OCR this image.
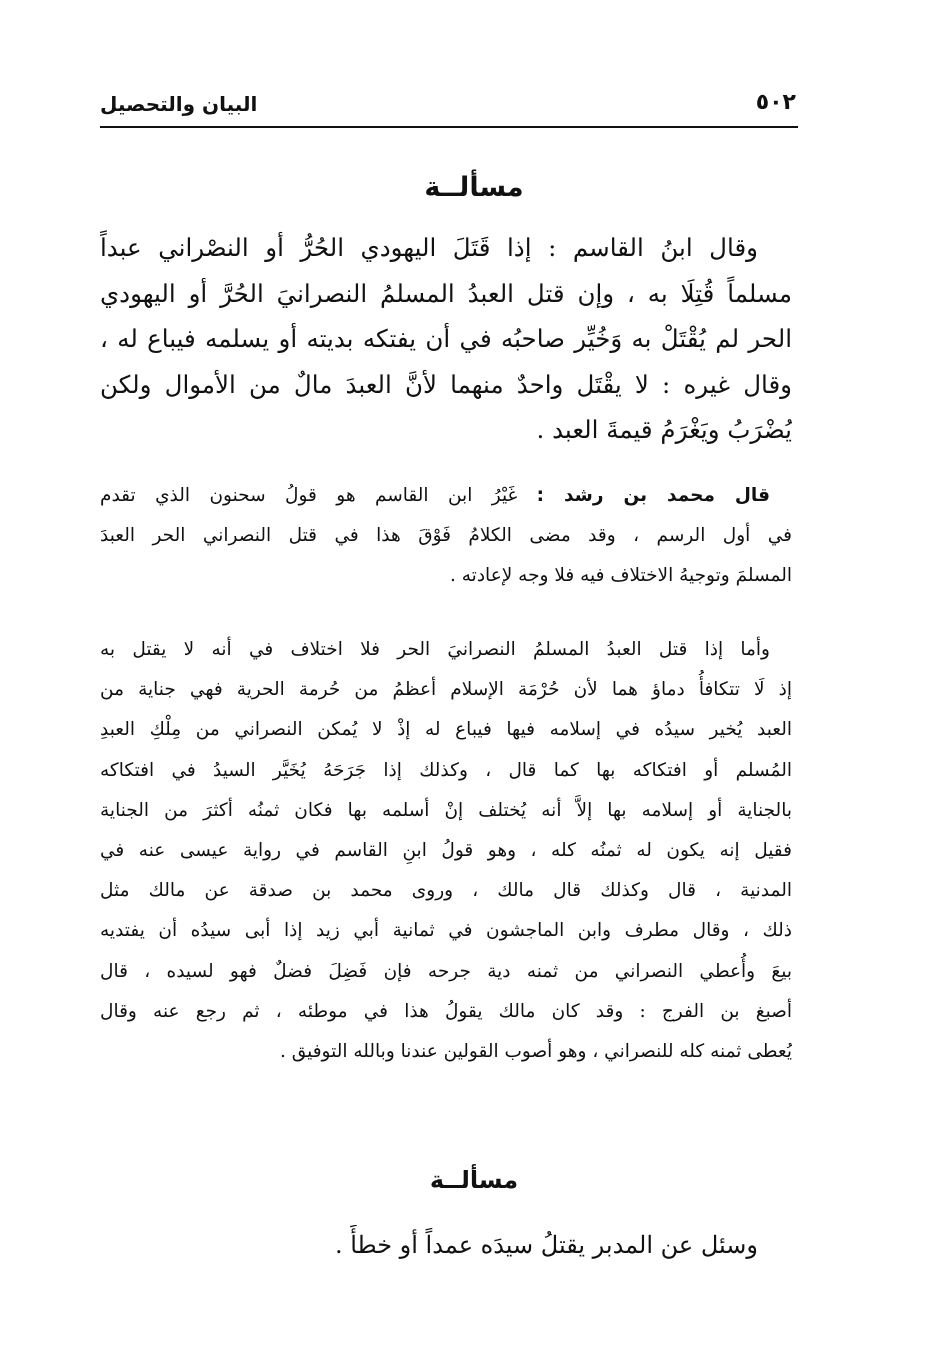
البيان والتحصيل	٥٠٢
مسألــة
وقال ابنُ القاسم : إذا قَتَلَ اليهودي الحُرُّ أو النصْراني عبداً
مسلماً قُتِلَا به ، وإن قتل العبدُ المسلمُ النصرانيَ الحُرَّ أو اليهودي
الحر لم يُقْتَلْ به وَخُيِّر صاحبُه في أن يفتكه بديته أو يسلمه فيباع له ،
وقال غيره : لا يقْتَل واحدٌ منهما لأنَّ العبدَ مالٌ من الأموال ولكن
يُضْرَبُ ويَغْرَمُ قيمةَ العبد .
قال محمد بن رشد : غَيْرُ ابن القاسم هو قولُ سحنون الذي تقدم
في أول الرسم ، وقد مضى الكلامُ فَوْقَ هذا في قتل النصراني الحر العبدَ
المسلمَ وتوجيهُ الاختلاف فيه فلا وجه لإعادته .
وأما إذا قتل العبدُ المسلمُ النصرانيَ الحر فلا اختلاف في أنه لا يقتل به
إذ لَا تتكافأُ دماؤ هما لأن حُرْمَة الإسلام أعظمُ من حُرمة الحرية فهي جناية من
العبد يُخير سيدُه في إسلامه فيها فيباع له إذْ لا يُمكن النصراني من مِلْكِ العبدِ
المُسلم أو افتكاكه بها كما قال ، وكذلك إذا جَرَحَهُ يُخَيَّر السيدُ في افتكاكه
بالجناية أو إسلامه بها إلاَّ أنه يُختلف إنْ أسلمه بها فكان ثمنُه أكثرَ من الجناية
فقيل إنه يكون له ثمنُه كله ، وهو قولُ ابنِ القاسم في رواية عيسى عنه في
المدنية ، قال وكذلك قال مالك ، وروى محمد بن صدقة عن مالك مثل
ذلك ، وقال مطرف وابن الماجشون في ثمانية أبي زيد إذا أبى سيدُه أن يفتديه
بيعَ وأُعطي النصراني من ثمنه دية جرحه فإن فَضِلَ فضلٌ فهو لسيده ، قال
أصبغ بن الفرج : وقد كان مالك يقولُ هذا في موطئه ، ثم رجع عنه وقال
يُعطى ثمنه كله للنصراني ، وهو أصوب القولين عندنا وبالله التوفيق .
مسألــة
وسئل عن المدبر يقتلُ سيدَه عمداً أو خطأً .
